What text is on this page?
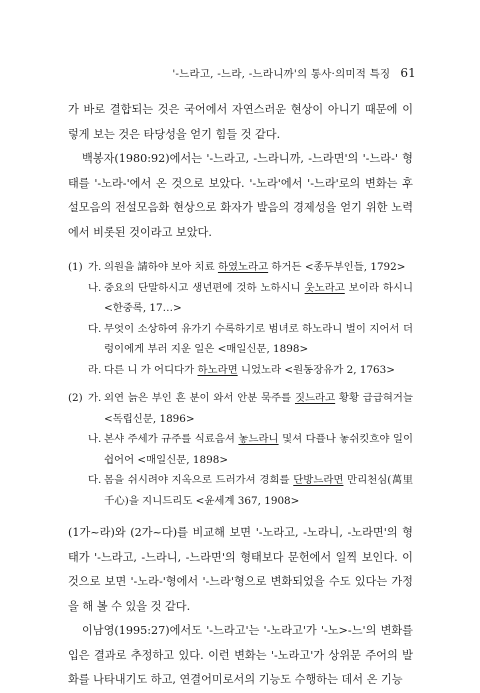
'-느라고, -느라, -느라니까'의 통사·의미적 특징 61

가 바로 결합되는 것은 국어에서 자연스러운 현상이 아니기 때문에 이렇게 보는 것은 타당성을 얻기 힘들 것 같다.

백봉자(1980:92)에서는 '-느라고, -느라니까, -느라면'의 '-느라-' 형태를 '-노라-'에서 온 것으로 보았다. '-노라'에서 '-느라'로의 변화는 후설모음의 전설모음화 현상으로 화자가 발음의 경제성을 얻기 위한 노력에서 비롯된 것이라고 보았다.

(1) 가. 의원을 請하야 보아 치료 하였노라고 하거든 <종두부인들, 1792>
나. 중요의 단말하시고 생년편에 것하 노하시니 웃노라고 보이라 하시니 <한중록, 17…>
다. 무엇이 소상하여 유가기 수록하기로 범녀로 하노라니 벌이 지어서 더렁이에게 부러 지운 일은 <매일신문, 1898>
라. 다른 니 가 어디다가 하노라면 니었노라 <원동장유가 2, 1763>
(2) 가. 외연 늙은 부인 흔 분이 와서 안분 묵주를 짓느라고 황황 급급혀거늘 <독립신문, 1896>
나. 본샤 주세가 규주를 식료음셔 놓느라니 및셔 다플나 놓쉬킷흐야 일이 쉽어어 <매일신문, 1898>
다. 몸을 쉬시려야 지옥으로 드러가셔 경희를 단방느라면 만리천심(萬里千心)을 지니드리도 <윤세계 367, 1908>

(1가~라)와 (2가~다)를 비교해 보면 '-노라고, -노라니, -노라면'의 형태가 '-느라고, -느라니, -느라면'의 형태보다 문헌에서 일찍 보인다. 이것으로 보면 '-노라-'형에서 '-느라'형으로 변화되었을 수도 있다는 가정을 해 볼 수 있을 것 같다.

이남영(1995:27)에서도 '-느라고'는 '-노라고'가 '-노>-느'의 변화를 입은 결과로 추정하고 있다. 이런 변화는 '-노라고'가 상위문 주어의 발화를 나타내기도 하고, 연결어미로서의 기능도 수행하는 데서 온 기능
